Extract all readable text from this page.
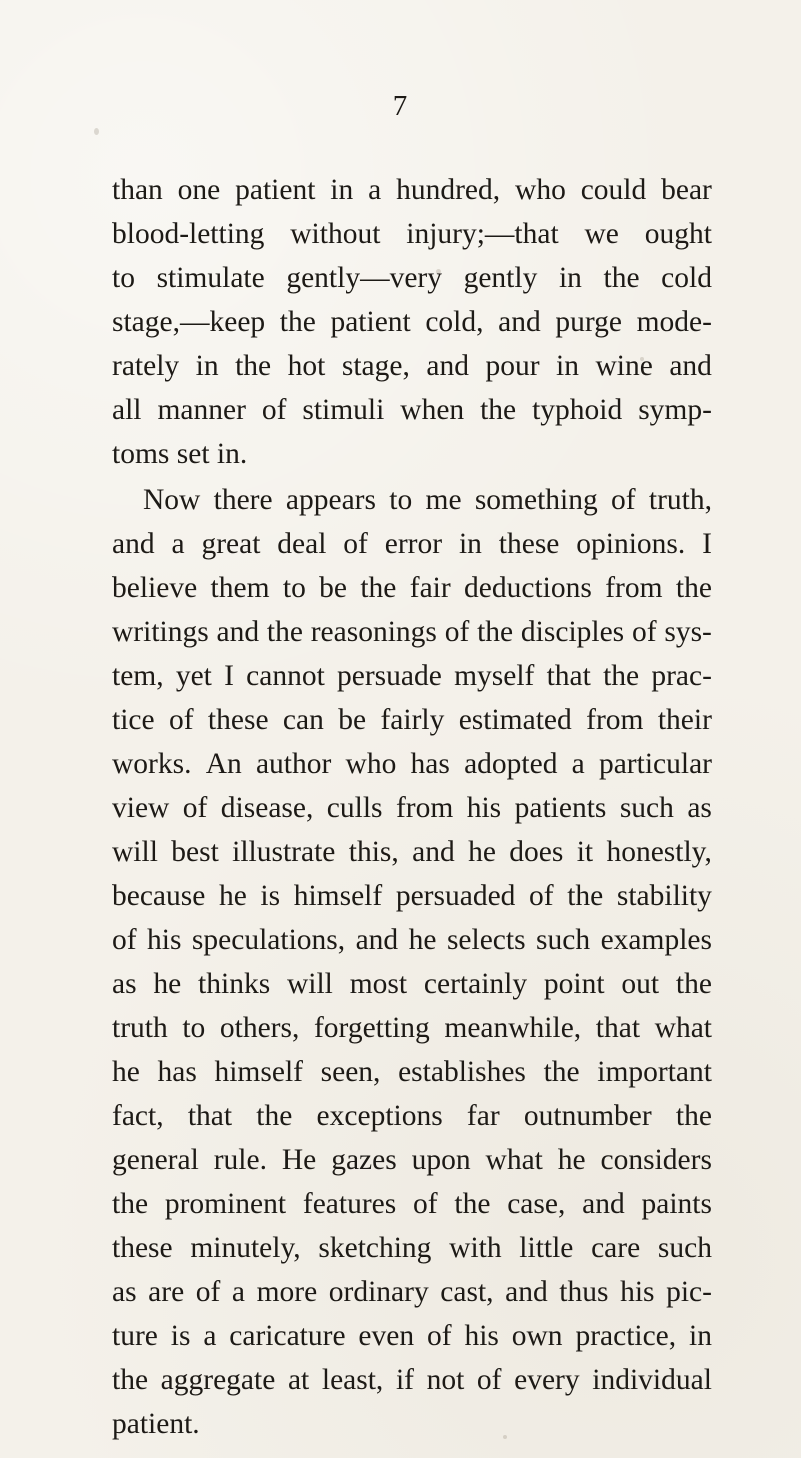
7
than one patient in a hundred, who could bear
blood-letting without injury;—that we ought
to stimulate gently—very gently in the cold
stage,—keep the patient cold, and purge mode-
rately in the hot stage, and pour in wine and
all manner of stimuli when the typhoid symp-
toms set in.
Now there appears to me something of truth,
and a great deal of error in these opinions. I
believe them to be the fair deductions from the
writings and the reasonings of the disciples of sys-
tem, yet I cannot persuade myself that the prac-
tice of these can be fairly estimated from their
works. An author who has adopted a particular
view of disease, culls from his patients such as
will best illustrate this, and he does it honestly,
because he is himself persuaded of the stability
of his speculations, and he selects such examples
as he thinks will most certainly point out the
truth to others, forgetting meanwhile, that what
he has himself seen, establishes the important
fact, that the exceptions far outnumber the
general rule. He gazes upon what he considers
the prominent features of the case, and paints
these minutely, sketching with little care such
as are of a more ordinary cast, and thus his pic-
ture is a caricature even of his own practice, in
the aggregate at least, if not of every individual
patient.
